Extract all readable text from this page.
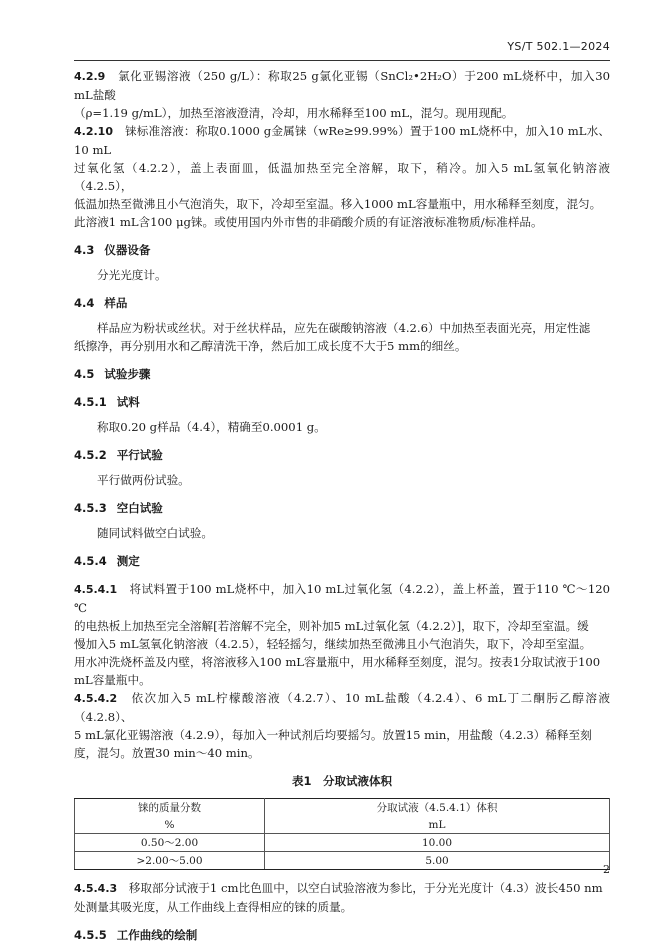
YS/T 502.1—2024

4.2.9　 氯化亚锡溶液（250 g/L）：称取25 g氯化亚锡（SnCl₂•2H₂O）于200 mL烧杯中，加入30 mL盐酸

（ρ=1.19 g/mL），加热至溶液澄清，冷却，用水稀释至100 mL，混匀。现用现配。

4.2.10　 铼标准溶液：称取0.1000 g金属铼（wRe≥99.99%）置于100 mL烧杯中，加入10 mL水、10 mL

过氧化氢（4.2.2），盖上表面皿，低温加热至完全溶解，取下，稍冷。加入5 mL氢氧化钠溶液（4.2.5），

低温加热至微沸且小气泡消失，取下，冷却至室温。移入1000 mL容量瓶中，用水稀释至刻度，混匀。

此溶液1 mL含100 μg铼。或使用国内外市售的非硝酸介质的有证溶液标准物质/标准样品。

4.3 仪器设备

分光光度计。

4.4 样品

样品应为粉状或丝状。对于丝状样品，应先在碳酸钠溶液（4.2.6）中加热至表面光亮，用定性滤

纸擦净，再分别用水和乙醇清洗干净，然后加工成长度不大于5 mm的细丝。

4.5 试验步骤

4.5.1 试料

称取0.20 g样品（4.4），精确至0.0001 g。

4.5.2 平行试验

平行做两份试验。

4.5.3 空白试验

随同试料做空白试验。

4.5.4 测定

4.5.4.1　 将试料置于100 mL烧杯中，加入10 mL过氧化氢（4.2.2），盖上杯盖，置于110 ℃～120 ℃

的电热板上加热至完全溶解[若溶解不完全，则补加5 mL过氧化氢（4.2.2）]，取下，冷却至室温。缓

慢加入5 mL氢氧化钠溶液（4.2.5），轻轻摇匀，继续加热至微沸且小气泡消失，取下，冷却至室温。

用水冲洗烧杯盖及内壁，将溶液移入100 mL容量瓶中，用水稀释至刻度，混匀。按表1分取试液于100

mL容量瓶中。

4.5.4.2　 依次加入5 mL柠檬酸溶液（4.2.7）、10 mL盐酸（4.2.4）、6 mL丁二酮肟乙醇溶液（4.2.8）、

5 mL氯化亚锡溶液（4.2.9），每加入一种试剂后均要摇匀。放置15 min，用盐酸（4.2.3）稀释至刻

度，混匀。放置30 min～40 min。

表1　分取试液体积
铼的质量分数	分取试液（4.5.4.1）体积
%	mL
0.50～2.00	10.00
>2.00～5.00	5.00

4.5.4.3　 移取部分试液于1 cm比色皿中，以空白试验溶液为参比，于分光光度计（4.3）波长450 nm

处测量其吸光度，从工作曲线上查得相应的铼的质量。

4.5.5 工作曲线的绘制

2
